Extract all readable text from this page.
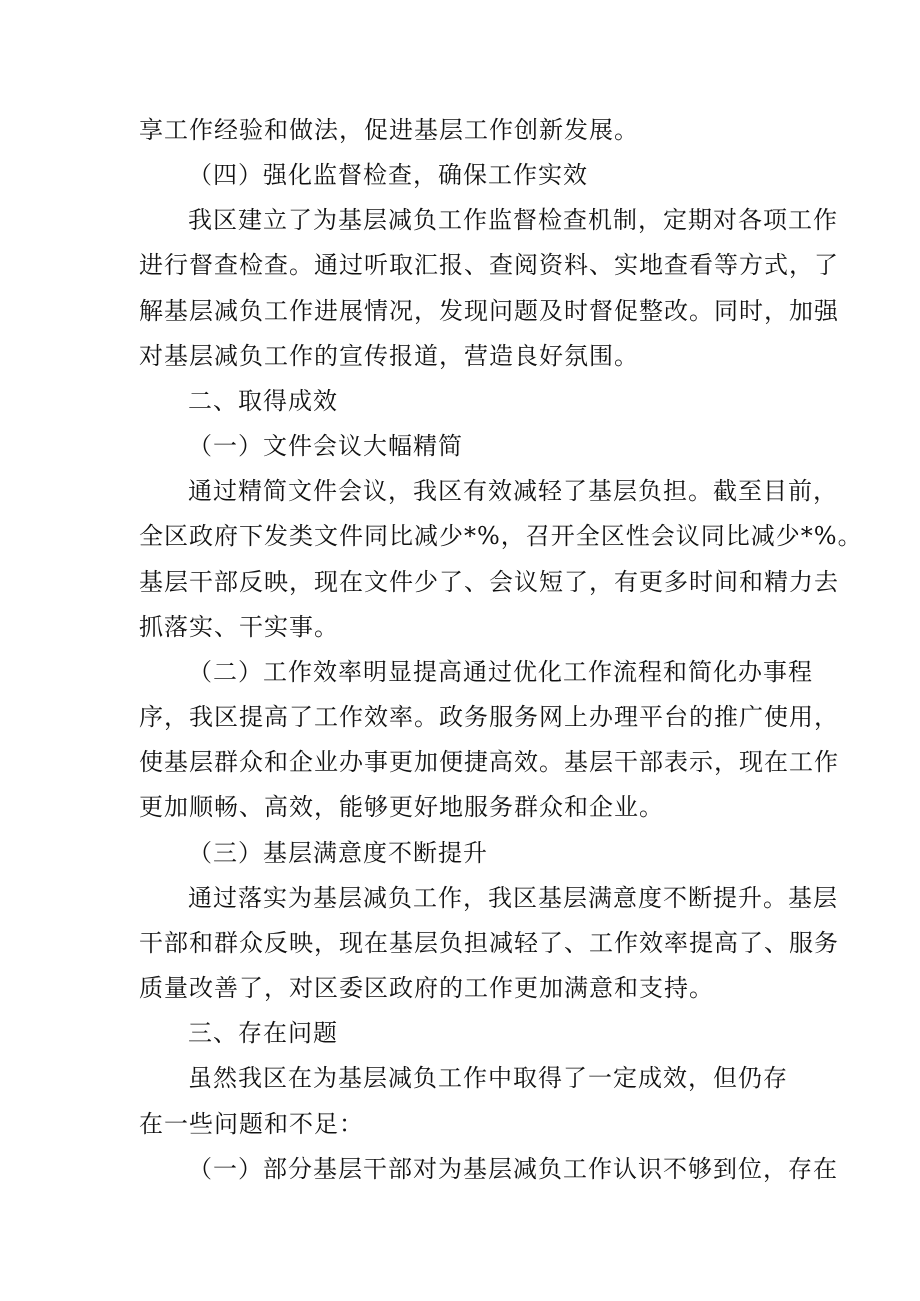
享工作经验和做法，促进基层工作创新发展。
（四）强化监督检查，确保工作实效
我区建立了为基层减负工作监督检查机制，定期对各项工作
进行督查检查。通过听取汇报、查阅资料、实地查看等方式，了
解基层减负工作进展情况，发现问题及时督促整改。同时，加强
对基层减负工作的宣传报道，营造良好氛围。
二、取得成效
（一）文件会议大幅精简
通过精简文件会议，我区有效减轻了基层负担。截至目前，
全区政府下发类文件同比减少*%，召开全区性会议同比减少*%。
基层干部反映，现在文件少了、会议短了，有更多时间和精力去
抓落实、干实事。
（二）工作效率明显提高通过优化工作流程和简化办事程
序，我区提高了工作效率。政务服务网上办理平台的推广使用，
使基层群众和企业办事更加便捷高效。基层干部表示，现在工作
更加顺畅、高效，能够更好地服务群众和企业。
（三）基层满意度不断提升
通过落实为基层减负工作，我区基层满意度不断提升。基层
干部和群众反映，现在基层负担减轻了、工作效率提高了、服务
质量改善了，对区委区政府的工作更加满意和支持。
三、存在问题
虽然我区在为基层减负工作中取得了一定成效，但仍存
在一些问题和不足：
（一）部分基层干部对为基层减负工作认识不够到位，存在
